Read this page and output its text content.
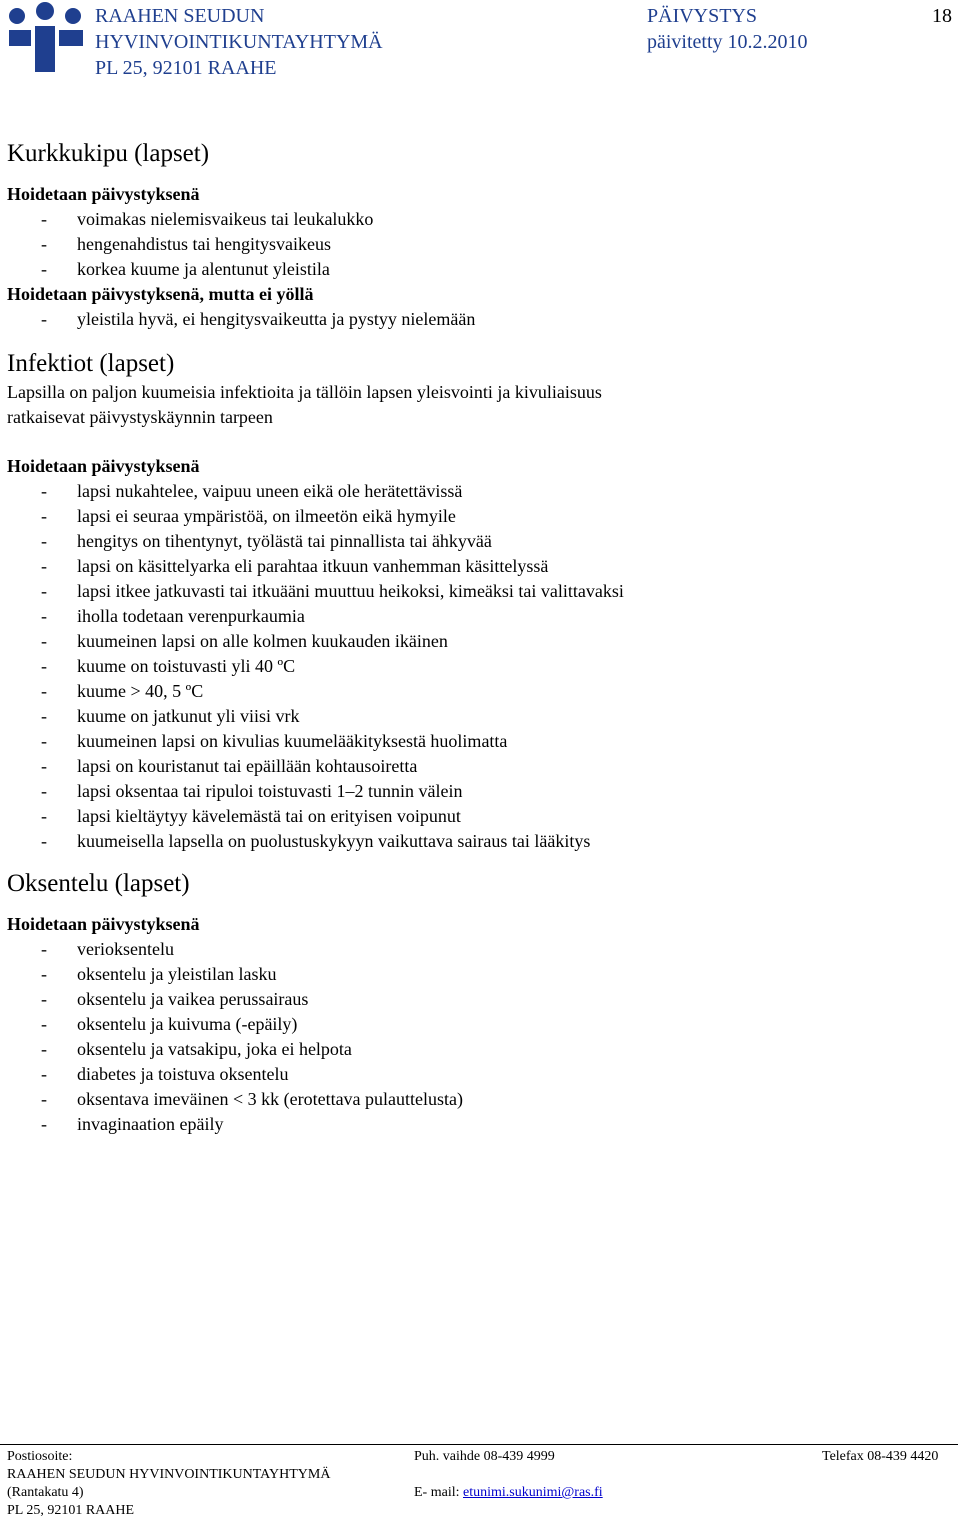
RAAHEN SEUDUN
HYVINVOINTIKUNTAYHTYMÄ
PL 25, 92101 RAAHE
PÄIVYSTYS
päivitetty 10.2.2010
18
Kurkkukipu (lapset)

Hoidetaan päivystyksenä

- voimakas nielemisvaikeus tai leukalukko
- hengenahdistus tai hengitysvaikeus
- korkea kuume ja alentunut yleistila

Hoidetaan päivystyksenä, mutta ei yöllä

- yleistila hyvä, ei hengitysvaikeutta ja pystyy nielemään
Infektiot (lapset)

Lapsilla on paljon kuumeisia infektioita ja tällöin lapsen yleisvointi ja kivuliaisuus

ratkaisevat päivystyskäynnin tarpeen

Hoidetaan päivystyksenä

- lapsi nukahtelee, vaipuu uneen eikä ole herätettävissä
- lapsi ei seuraa ympäristöä, on ilmeetön eikä hymyile
- hengitys on tihentynyt, työlästä tai pinnallista tai ähkyvää
- lapsi on käsittelyarka eli parahtaa itkuun vanhemman käsittelyssä
- lapsi itkee jatkuvasti tai itkuääni muuttuu heikoksi, kimeäksi tai valittavaksi
- iholla todetaan verenpurkaumia
- kuumeinen lapsi on alle kolmen kuukauden ikäinen
- kuume on toistuvasti yli 40 ºC
- kuume > 40, 5 ºC
- kuume on jatkunut yli viisi vrk
- kuumeinen lapsi on kivulias kuumelääkityksestä huolimatta
- lapsi on kouristanut tai epäillään kohtausoiretta
- lapsi oksentaa tai ripuloi toistuvasti 1–2 tunnin välein
- lapsi kieltäytyy kävelemästä tai on erityisen voipunut
- kuumeisella lapsella on puolustuskykyyn vaikuttava sairaus tai lääkitys
Oksentelu (lapset)

Hoidetaan päivystyksenä

- verioksentelu
- oksentelu ja yleistilan lasku
- oksentelu ja vaikea perussairaus
- oksentelu ja kuivuma (-epäily)
- oksentelu ja vatsakipu, joka ei helpota
- diabetes ja toistuva oksentelu
- oksentava imeväinen < 3 kk (erotettava pulauttelusta)
- invaginaation epäily
Postiosoite:
RAAHEN SEUDUN HYVINVOINTIKUNTAYHTYMÄ
(Rantakatu 4)
PL 25, 92101 RAAHE
Puh. vaihde 08-439 4999
E- mail: etunimi.sukunimi@ras.fi
Telefax 08-439 4420
